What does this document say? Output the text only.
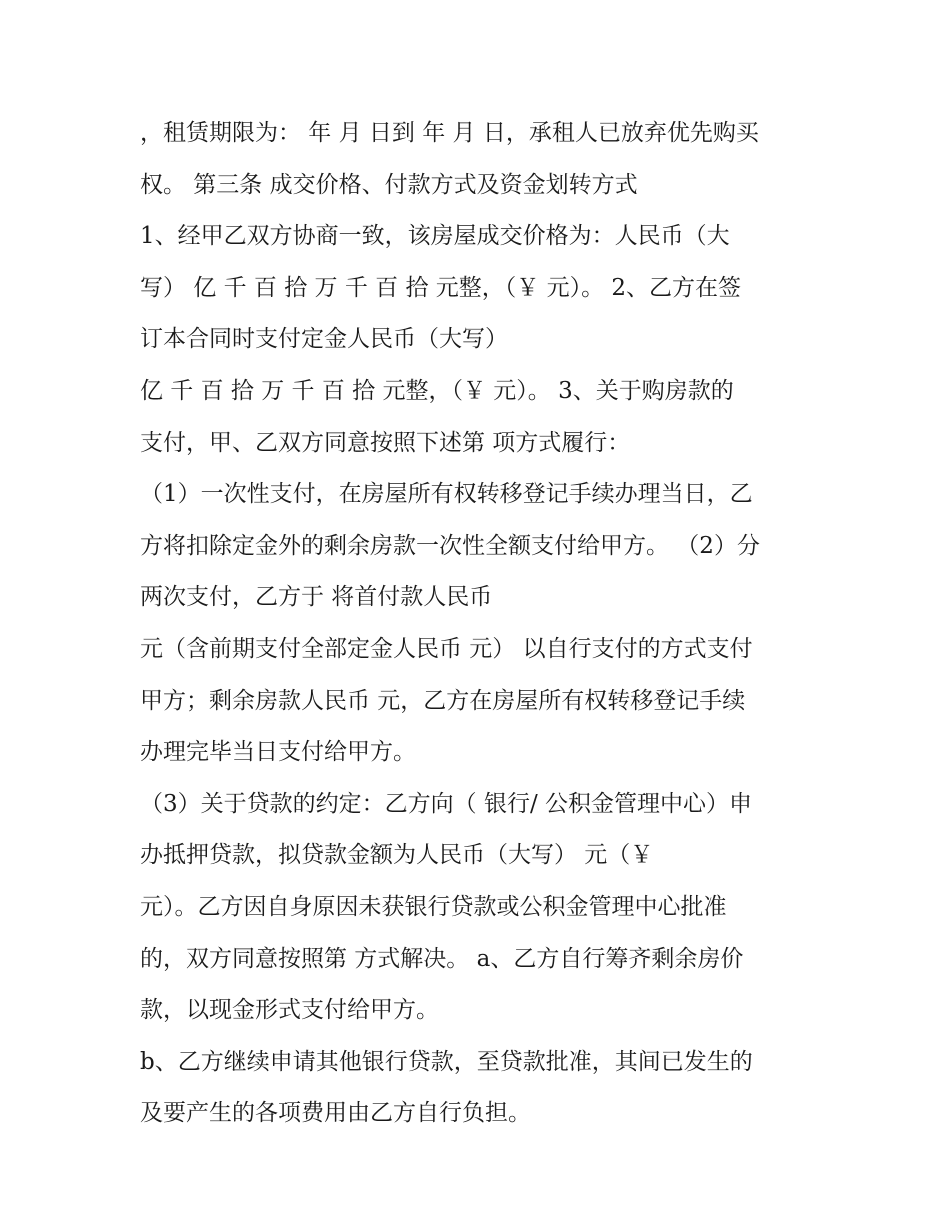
，租赁期限为： 年 月 日到 年 月 日，承租人已放弃优先购买
权。 第三条 成交价格、付款方式及资金划转方式
1、经甲乙双方协商一致，该房屋成交价格为：人民币（大
写） 亿 千 百 拾 万 千 百 拾 元整，（￥ 元）。 2、乙方在签
订本合同时支付定金人民币（大写）
亿 千 百 拾 万 千 百 拾 元整，（￥ 元）。 3、关于购房款的
支付，甲、乙双方同意按照下述第 项方式履行：
（1）一次性支付，在房屋所有权转移登记手续办理当日，乙
方将扣除定金外的剩余房款一次性全额支付给甲方。 （2）分
两次支付，乙方于 将首付款人民币
元（含前期支付全部定金人民币 元） 以自行支付的方式支付
甲方；剩余房款人民币 元，乙方在房屋所有权转移登记手续
办理完毕当日支付给甲方。
（3）关于贷款的约定：乙方向（ 银行/ 公积金管理中心）申
办抵押贷款，拟贷款金额为人民币（大写） 元（￥
元）。乙方因自身原因未获银行贷款或公积金管理中心批准
的，双方同意按照第 方式解决。 a、乙方自行筹齐剩余房价
款，以现金形式支付给甲方。
b、乙方继续申请其他银行贷款，至贷款批准，其间已发生的
及要产生的各项费用由乙方自行负担。
